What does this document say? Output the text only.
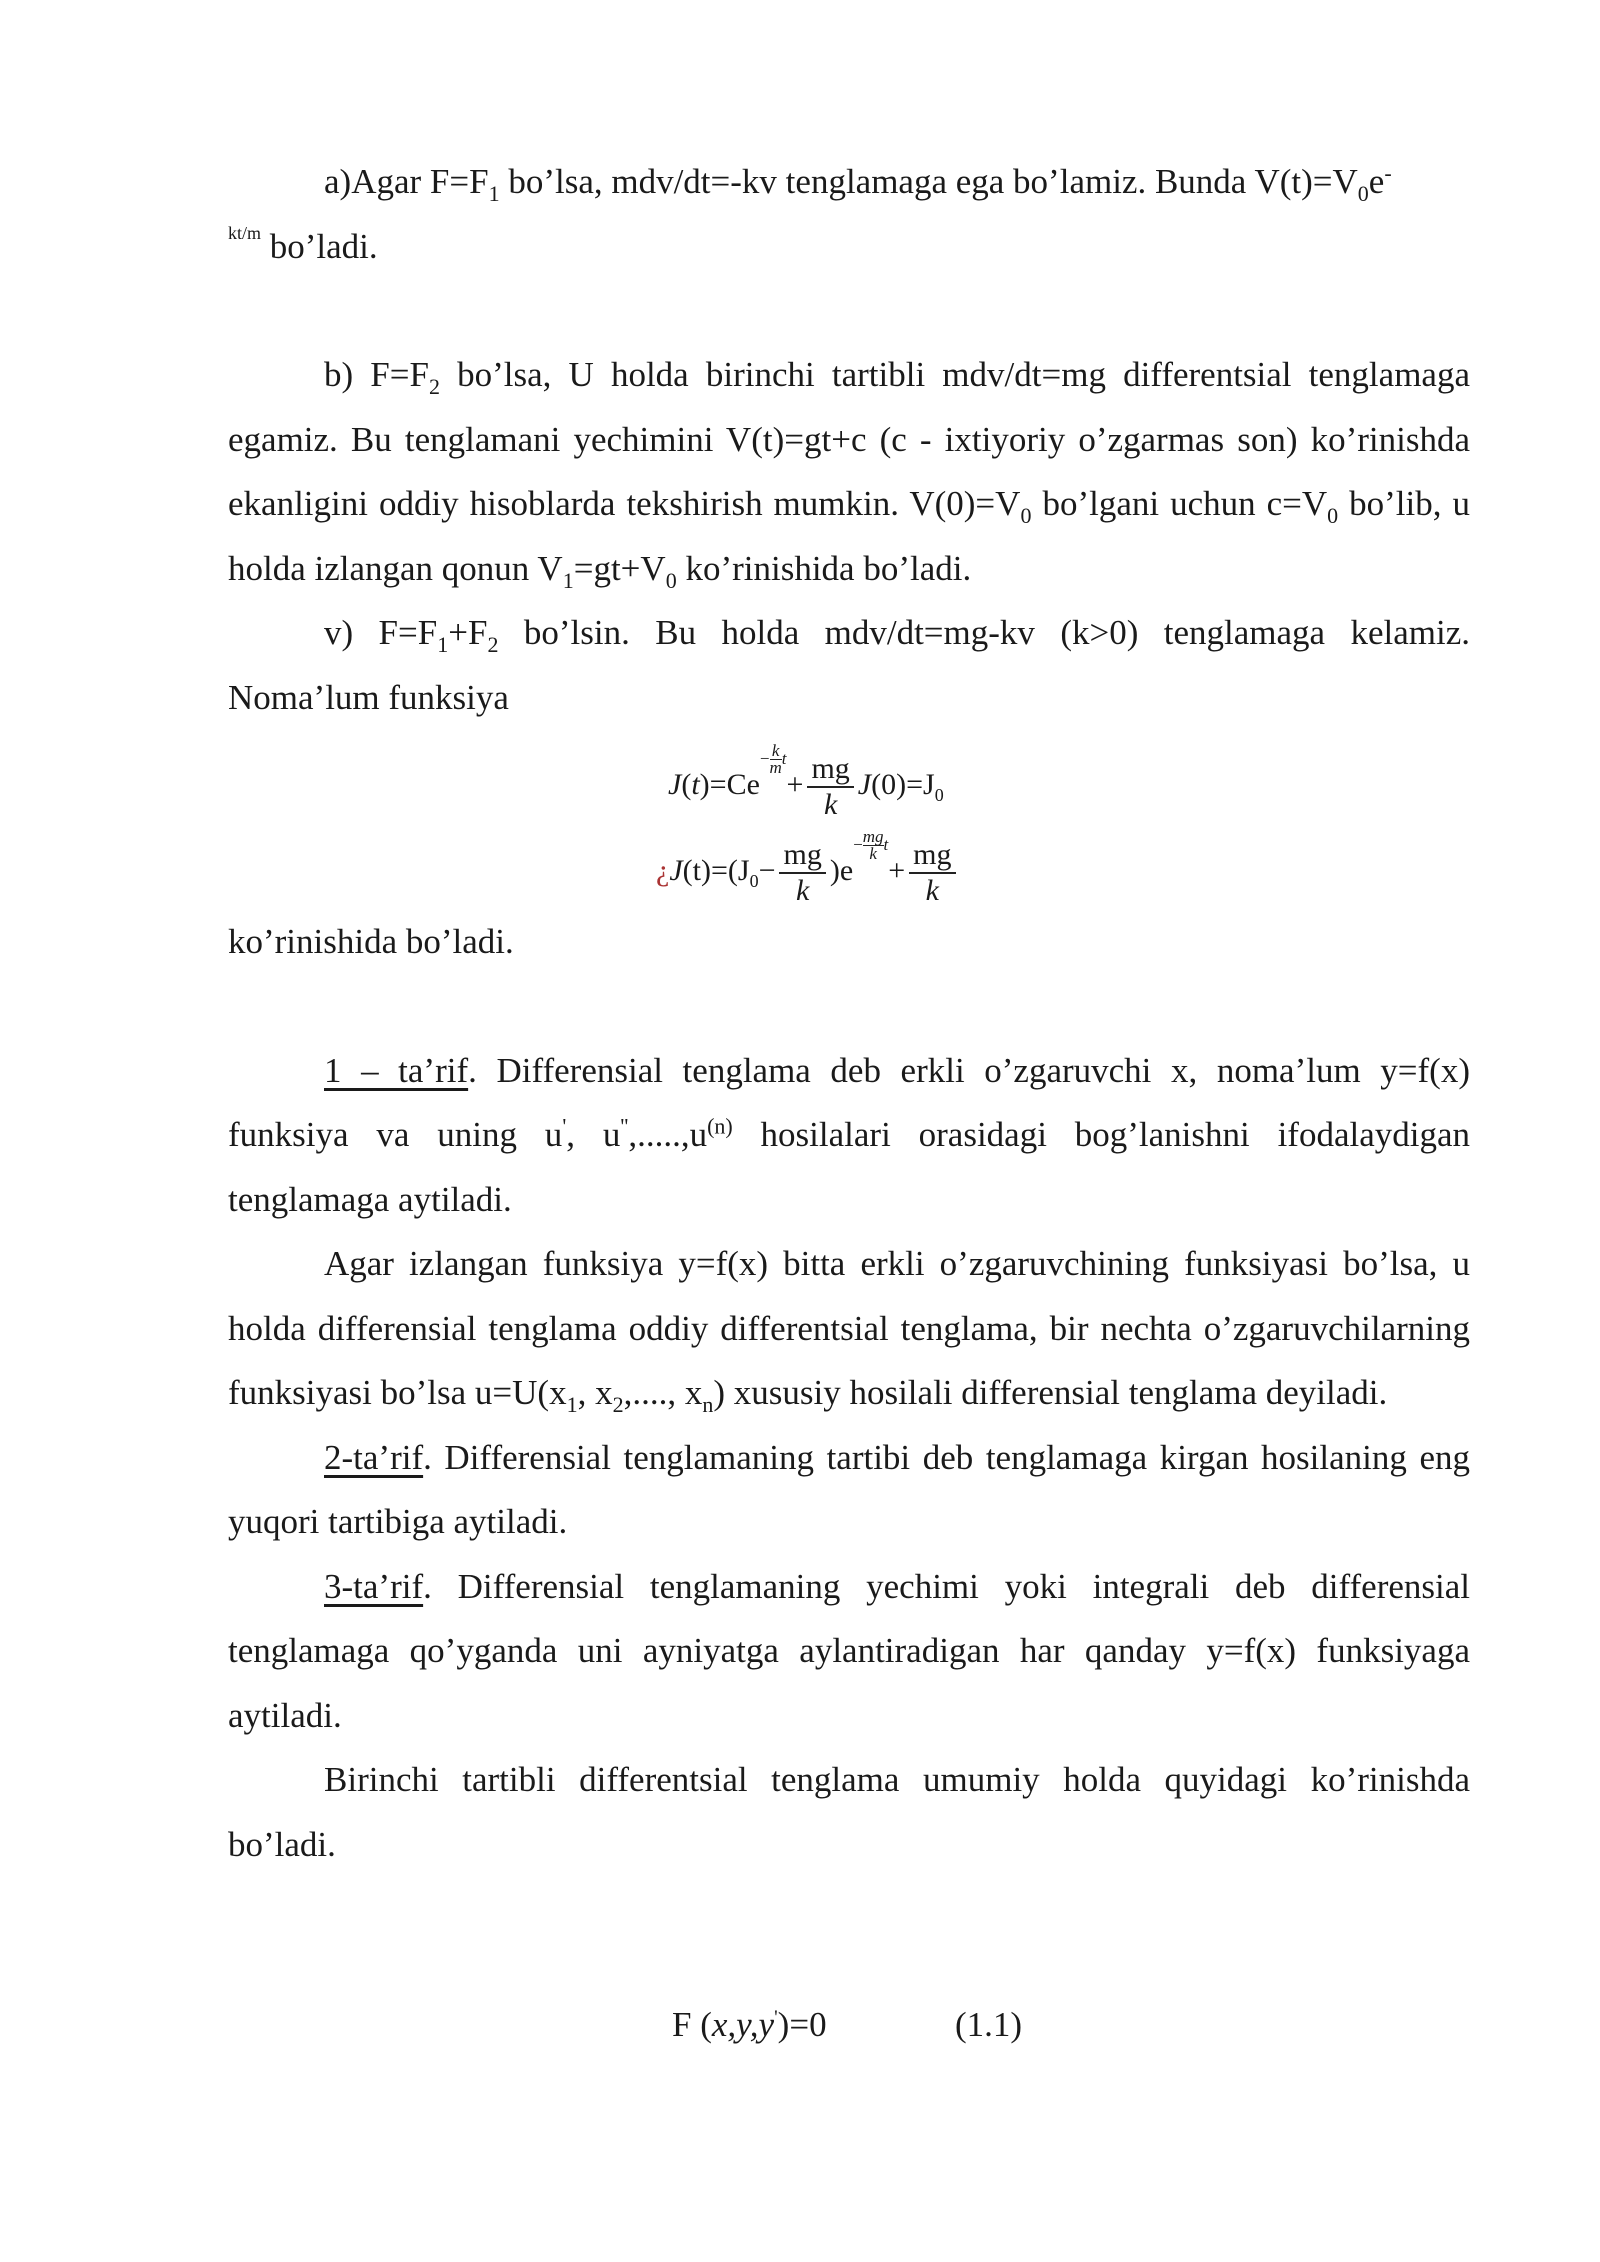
a)Agar $F=F_1$ bo’lsa, mdv/dt=-kv tenglamaga ega bo’lamiz. Bunda $V(t)=V_0e^-$

$^{kt/m}$ bo’ladi.

b) $F=F_2$ bo’lsa, U holda birinchi tartibli mdv/dt=mg differentsial tenglamaga egamiz. Bu tenglamani yechimini V(t)=gt+c (c - ixtiyoriy o’zgarmas son) ko’rinishda ekanligini oddiy hisoblarda tekshirish mumkin. $V(0)=V_0$ bo’lgani uchun $c=V_0$ bo’lib, u holda izlangan qonun $V_1=gt+V_0$ ko’rinishida bo’ladi.

v) $F=F_1+F_2$ bo’lsin. Bu holda mdv/dt=mg-kv (k>0) tenglamaga kelamiz. Noma’lum funksiya

$J(t)=Ce^{- \frac{k}{m} t}+ \frac{mg}{k} J(0)=J_0$
¿$J(t)=(J_0- \frac{mg}{k} )e^{- \frac{mg}{k} t}+ \frac{mg}{k}$

ko’rinishida bo’ladi.

1 – ta’rif. Differensial tenglama deb erkli o’zgaruvchi x, noma’lum y=f(x) funksiya va uning u', $u'',.....,u^{(n)}$ hosilalari orasidagi bog’lanishni ifodalaydigan tenglamaga aytiladi.

Agar izlangan funksiya y=f(x) bitta erkli o’zgaruvchining funksiyasi bo’lsa, u holda differensial tenglama oddiy differentsial tenglama, bir nechta o’zgaruvchilarning funksiyasi bo’lsa $u=U(x_1$, $x_2$,...., $x_n$) xususiy hosilali differensial tenglama deyiladi.

2-ta’rif. Differensial tenglamaning tartibi deb tenglamaga kirgan hosilaning eng yuqori tartibiga aytiladi.

3-ta’rif. Differensial tenglamaning yechimi yoki integrali deb differensial tenglamaga qo’yganda uni ayniyatga aylantiradigan har qanday y=f(x) funksiyaga aytiladi.

Birinchi tartibli differentsial tenglama umumiy holda quyidagi ko’rinishda bo’ladi.

F (x,y,y')=0	(1.1)
